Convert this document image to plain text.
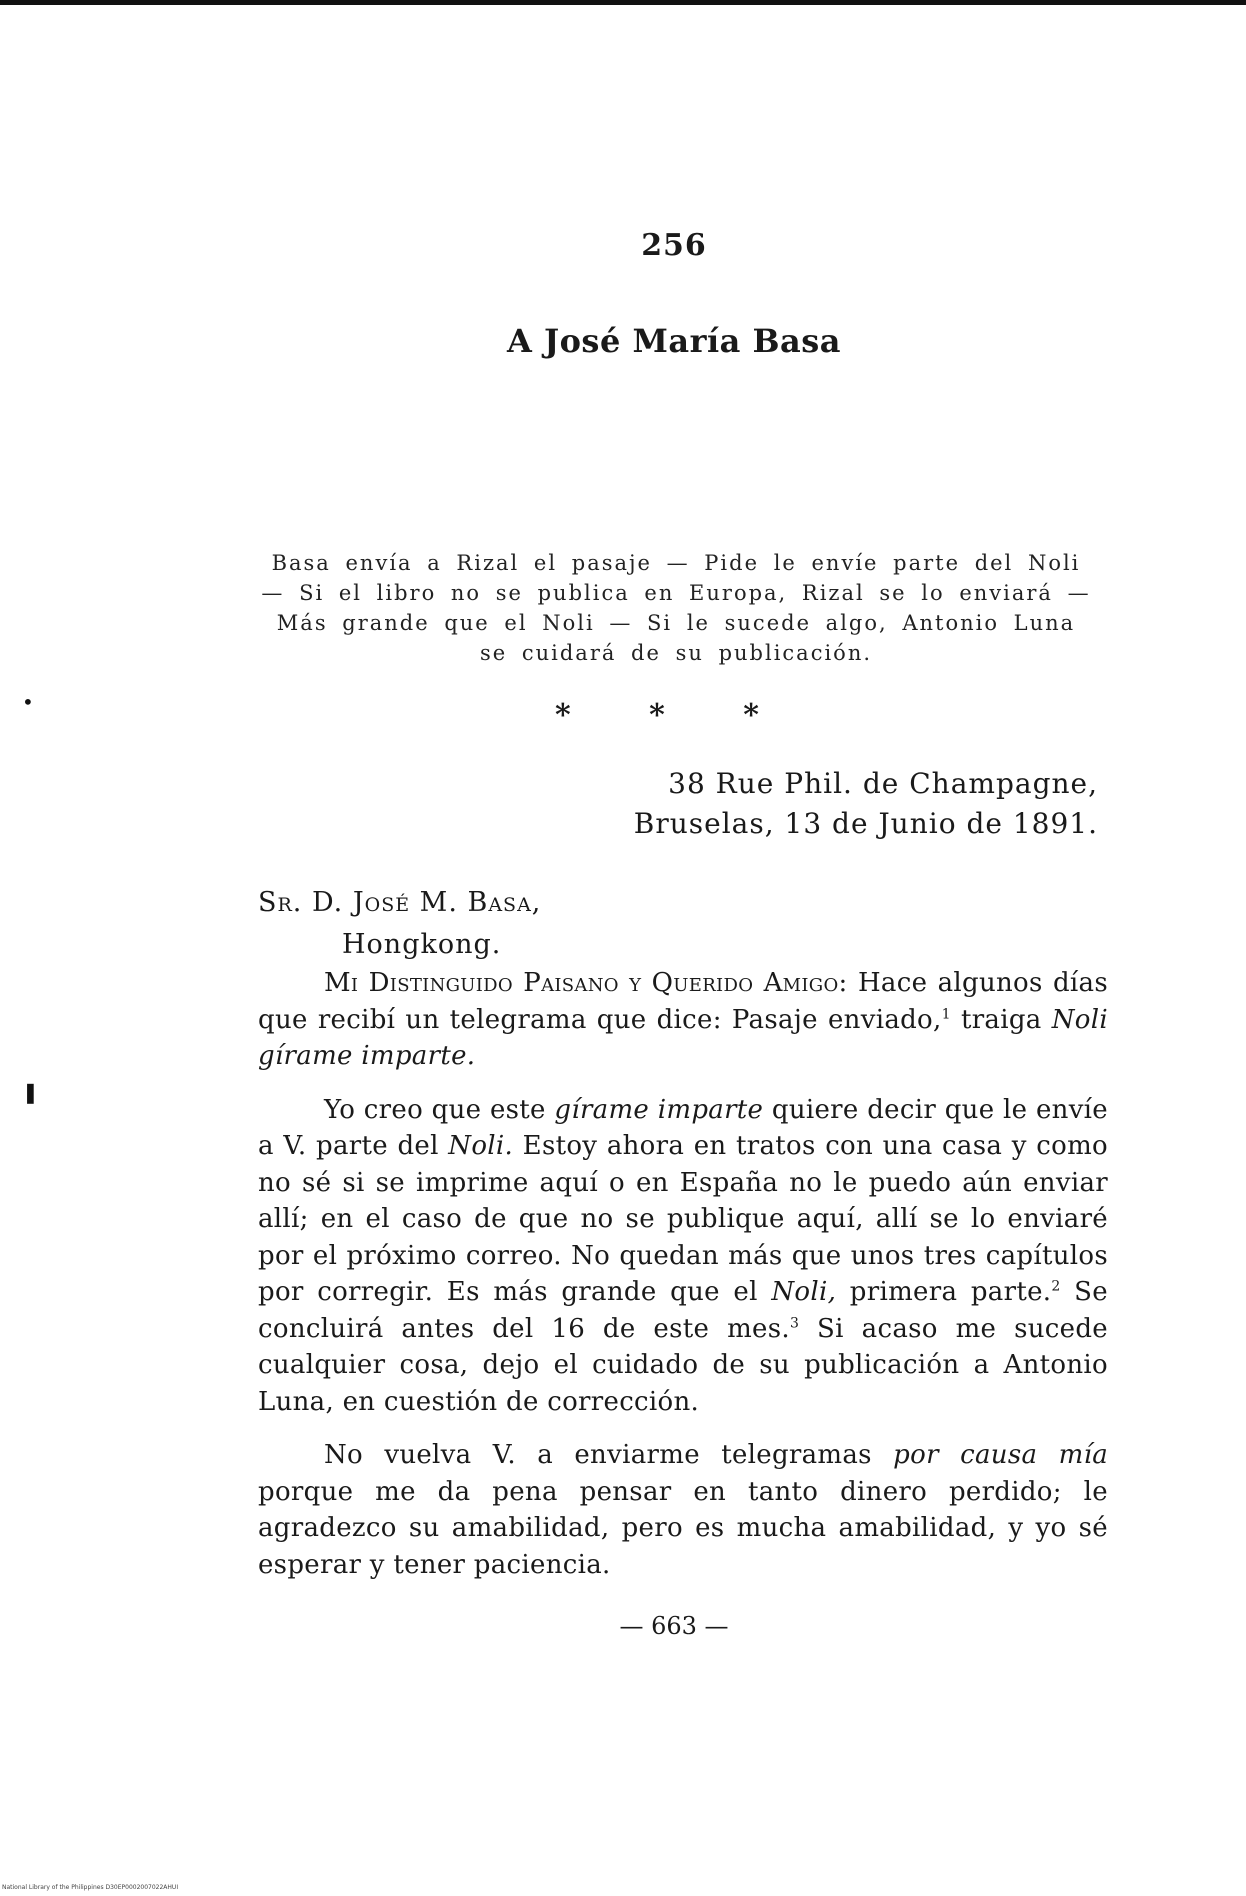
•
❚
256
A José María Basa
Basa envía a Rizal el pasaje — Pide le envíe parte del Noli — Si el libro no se publica en Europa, Rizal se lo enviará — Más grande que el Noli — Si le sucede algo, Antonio Luna se cuidará de su publicación.
* * *
38 Rue Phil. de Champagne,
Bruselas, 13 de Junio de 1891.
Sr. D. José M. Basa,
Hongkong.

Mi Distinguido Paisano y Querido Amigo: Hace algunos días que recibí un telegrama que dice: Pasaje enviado,$^1$ traiga Noli gírame imparte.

Yo creo que este gírame imparte quiere decir que le envíe a V. parte del Noli. Estoy ahora en tratos con una casa y como no sé si se imprime aquí o en España no le puedo aún enviar allí; en el caso de que no se publique aquí, allí se lo enviaré por el próximo correo. No quedan más que unos tres capítulos por corregir. Es más grande que el Noli, primera parte.$^2$ Se concluirá antes del 16 de este mes.$^3$ Si acaso me sucede cualquier cosa, dejo el cuidado de su publicación a Antonio Luna, en cuestión de corrección.

No vuelva V. a enviarme telegramas por causa mía porque me da pena pensar en tanto dinero perdido; le agradezco su amabilidad, pero es mucha amabilidad, y yo sé esperar y tener paciencia.

— 663 —
National Library of the Philippines D30EP0002007022AHUI
